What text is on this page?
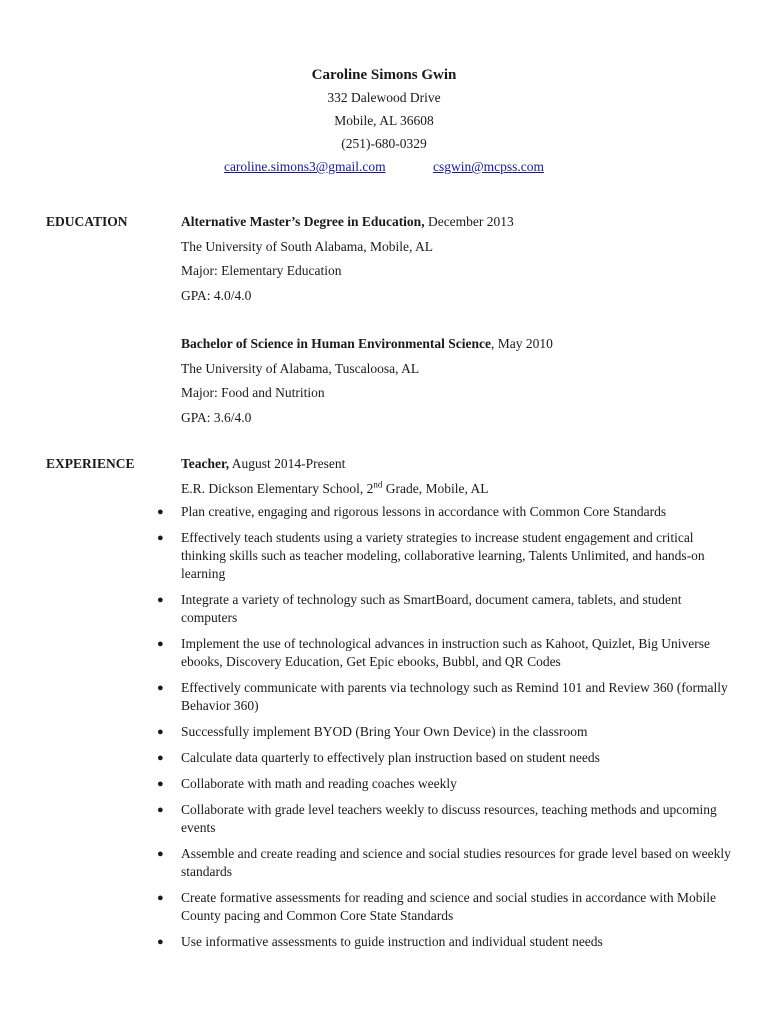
Caroline Simons Gwin

332 Dalewood Drive

Mobile, AL 36608

(251)-680-0329

caroline.simons3@gmail.com	csgwin@mcpss.com

EDUCATION	Alternative Master’s Degree in Education, December 2013

The University of South Alabama, Mobile, AL

Major: Elementary Education

GPA: 4.0/4.0

Bachelor of Science in Human Environmental Science, May 2010

The University of Alabama, Tuscaloosa, AL

Major: Food and Nutrition

GPA: 3.6/4.0

EXPERIENCE	Teacher, August 2014-Present

E.R. Dickson Elementary School, 2nd Grade, Mobile, AL

● Plan creative, engaging and rigorous lessons in accordance with Common Core Standards
● Effectively teach students using a variety strategies to increase student engagement and critical thinking skills such as teacher modeling, collaborative learning, Talents Unlimited, and hands-on learning
● Integrate a variety of technology such as SmartBoard, document camera, tablets, and student computers
● Implement the use of technological advances in instruction such as Kahoot, Quizlet, Big Universe ebooks, Discovery Education, Get Epic ebooks, Bubbl, and QR Codes
● Effectively communicate with parents via technology such as Remind 101 and Review 360 (formally Behavior 360)
● Successfully implement BYOD (Bring Your Own Device) in the classroom
● Calculate data quarterly to effectively plan instruction based on student needs
● Collaborate with math and reading coaches weekly
● Collaborate with grade level teachers weekly to discuss resources, teaching methods and upcoming events
● Assemble and create reading and science and social studies resources for grade level based on weekly standards
● Create formative assessments for reading and science and social studies in accordance with Mobile County pacing and Common Core State Standards
● Use informative assessments to guide instruction and individual student needs
